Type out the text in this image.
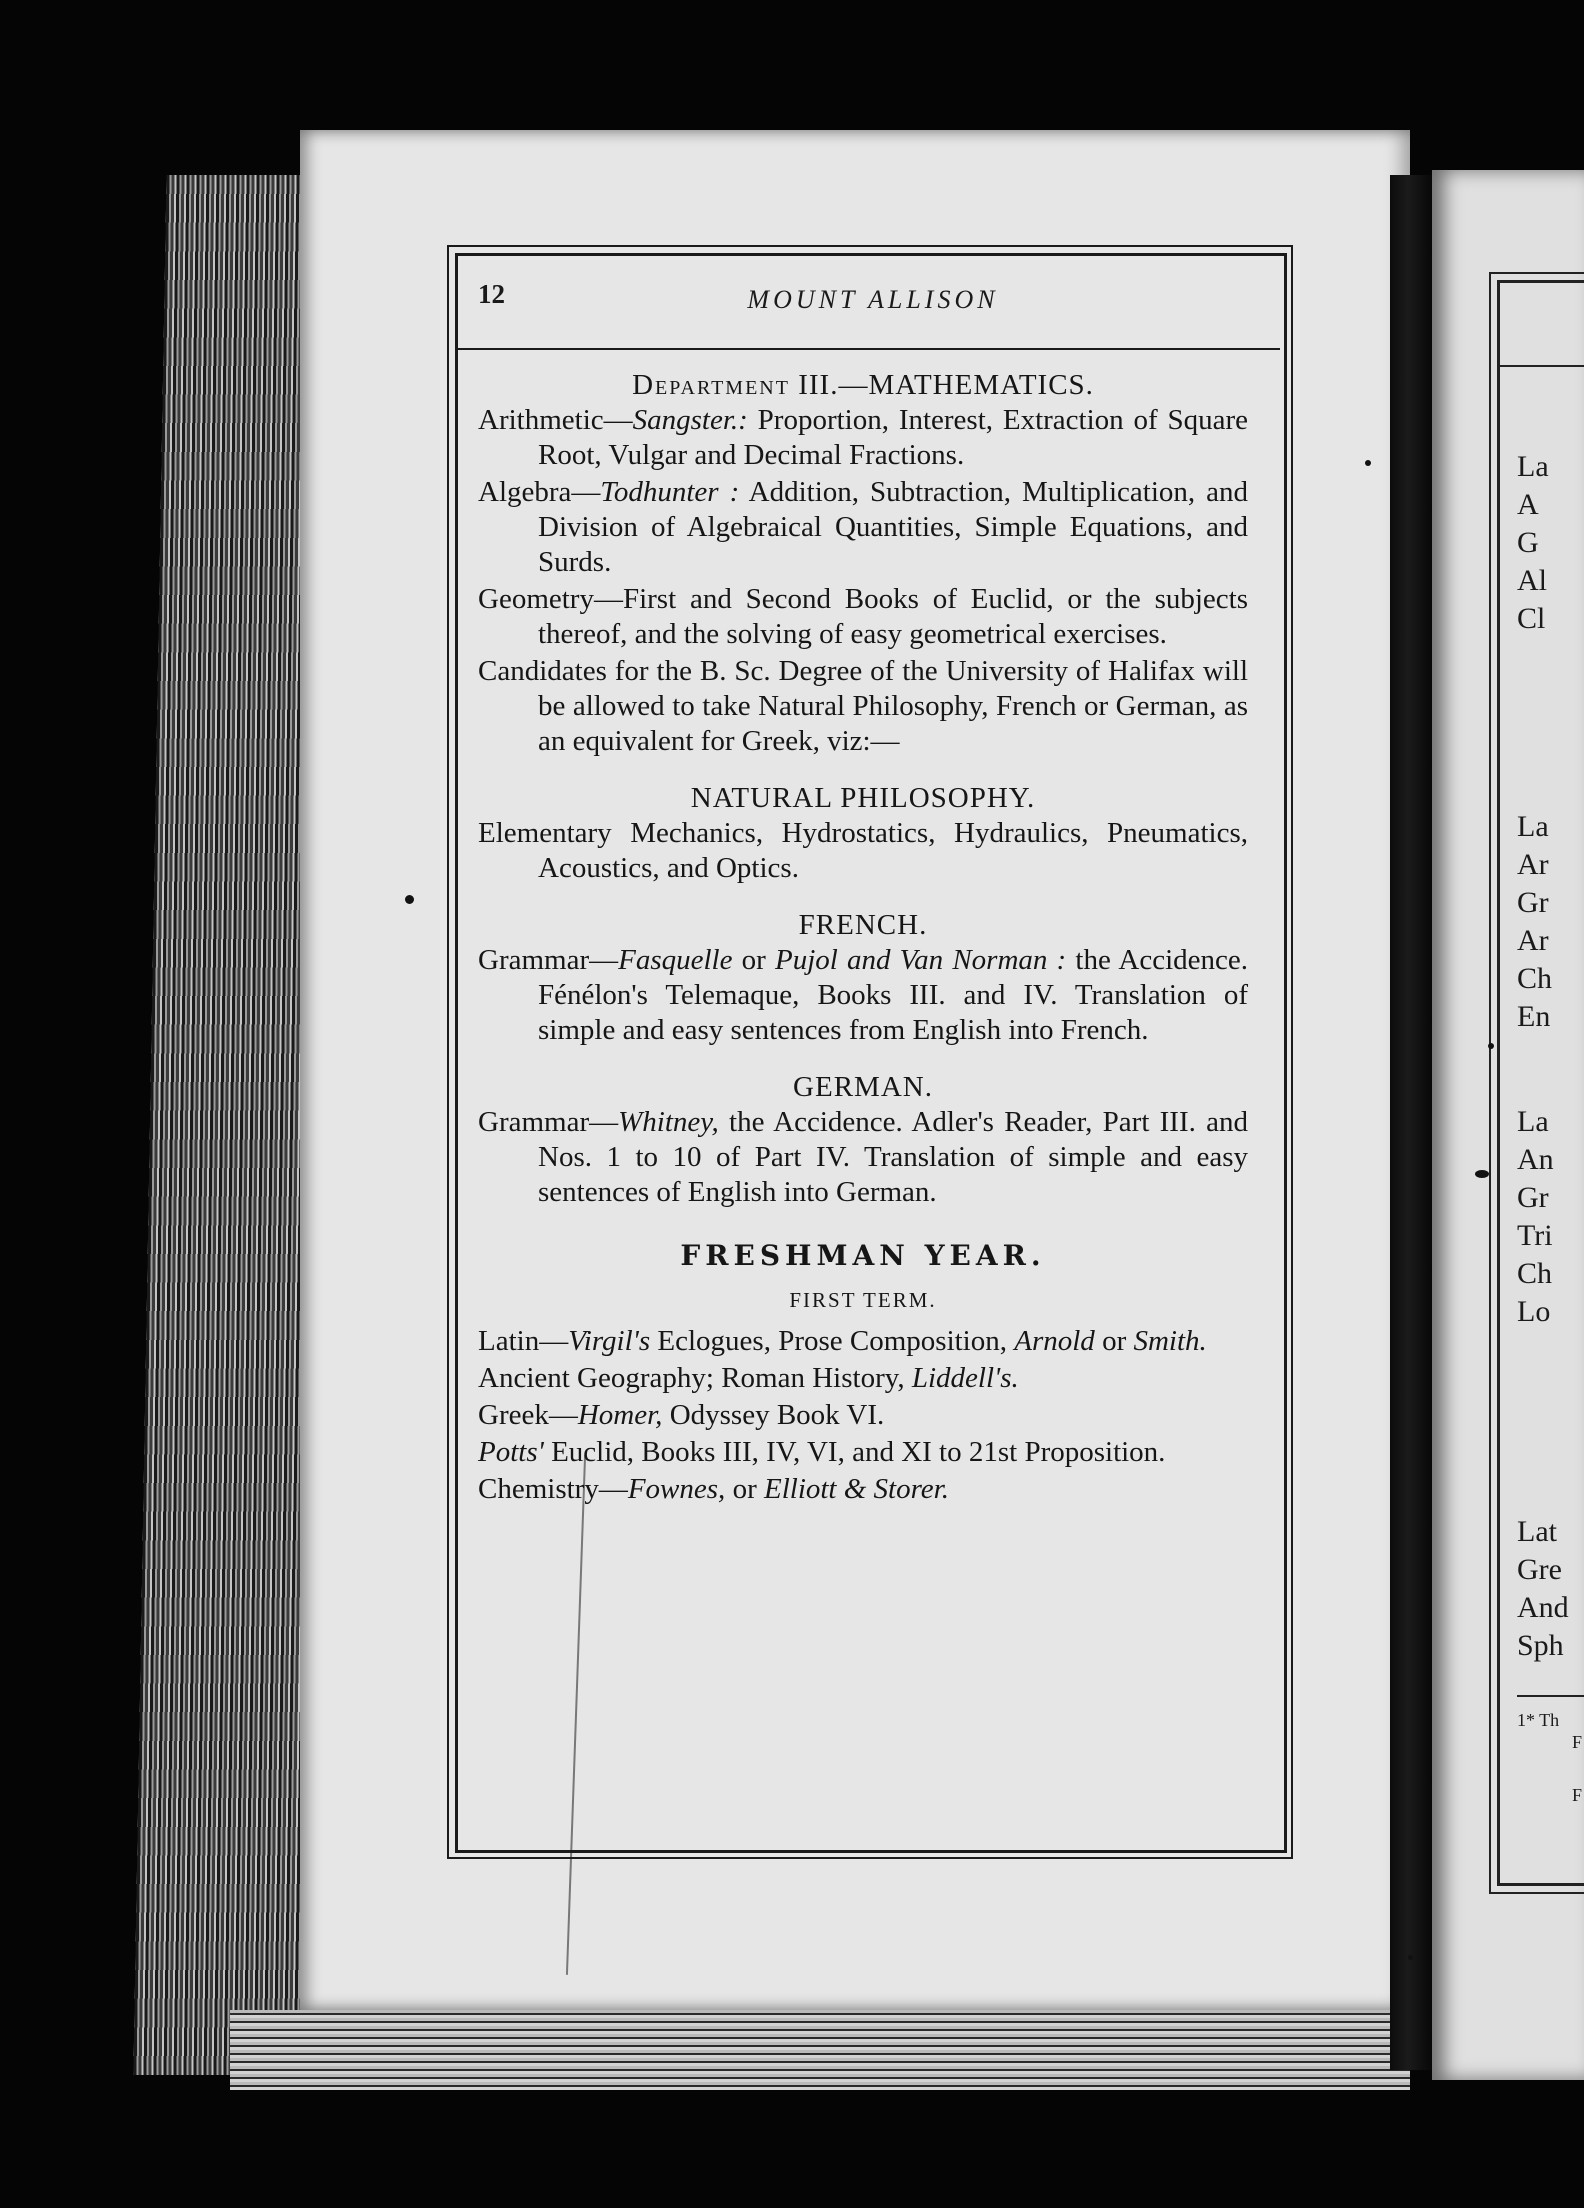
La
A
G
Al
Cl
La
Ar
Gr
Ar
Ch
En
La
An
Gr
Tri
Ch
Lo
Lat
Gre
And
Sph
1* Th
F
F
12	MOUNT ALLISON
Department III.—MATHEMATICS.

Arithmetic—Sangster.: Proportion, Interest, Extraction of Square Root, Vulgar and Decimal Fractions.

Algebra—Todhunter : Addition, Subtraction, Multiplication, and Division of Algebraical Quantities, Simple Equations, and Surds.

Geometry—First and Second Books of Euclid, or the subjects thereof, and the solving of easy geometrical exercises.

Candidates for the B. Sc. Degree of the University of Halifax will be allowed to take Natural Philosophy, French or German, as an equivalent for Greek, viz:—

NATURAL PHILOSOPHY.

Elementary Mechanics, Hydrostatics, Hydraulics, Pneumatics, Acoustics, and Optics.

FRENCH.

Grammar—Fasquelle or Pujol and Van Norman : the Accidence. Fénélon's Telemaque, Books III. and IV. Translation of simple and easy sentences from English into French.

GERMAN.

Grammar—Whitney, the Accidence. Adler's Reader, Part III. and Nos. 1 to 10 of Part IV. Translation of simple and easy sentences of English into German.

FRESHMAN YEAR.
FIRST TERM.

Latin—Virgil's Eclogues, Prose Composition, Arnold or Smith.

Ancient Geography; Roman History, Liddell's.

Greek—Homer, Odyssey Book VI.

Potts' Euclid, Books III, IV, VI, and XI to 21st Proposition.

Chemistry—Fownes, or Elliott & Storer.
